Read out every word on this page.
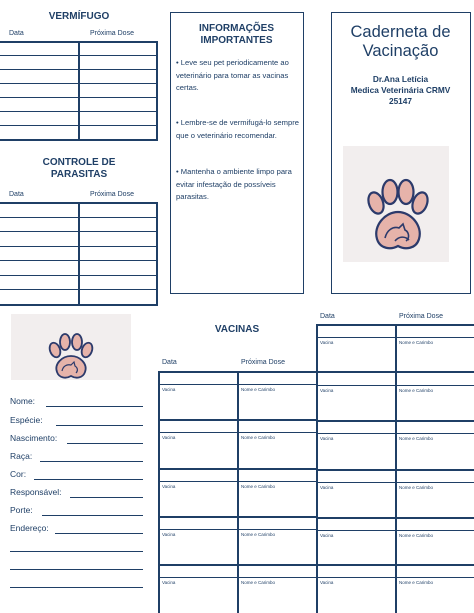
VERMÍFUGO
Data	Próxima Dose
CONTROLE DE
PARASITAS
Data	Próxima Dose
INFORMAÇÕES
IMPORTANTES
• Leve seu pet periodicamente ao veterinário para tomar as vacinas certas.
• Lembre-se de vermifugá-lo sempre que o veterinário recomendar.
• Mantenha o ambiente limpo para evitar infestação de possíveis parasitas.
Caderneta de
Vacinação
Dr.Ana Letícia
Medica Veterinária CRMV
25147
Nome:
Espécie:
Nascimento:
Raça:
Cor:
Responsável:
Porte:
Endereço:
VACINAS
Data	Próxima Dose
Vacina	Nome e Carimbo
Vacina	Nome e Carimbo
Vacina	Nome e Carimbo
Vacina	Nome e Carimbo
Vacina	Nome e Carimbo
Data	Próxima Dose
Vacina	Nome e Carimbo
Vacina	Nome e Carimbo
Vacina	Nome e Carimbo
Vacina	Nome e Carimbo
Vacina	Nome e Carimbo
Vacina	Nome e Carimbo
